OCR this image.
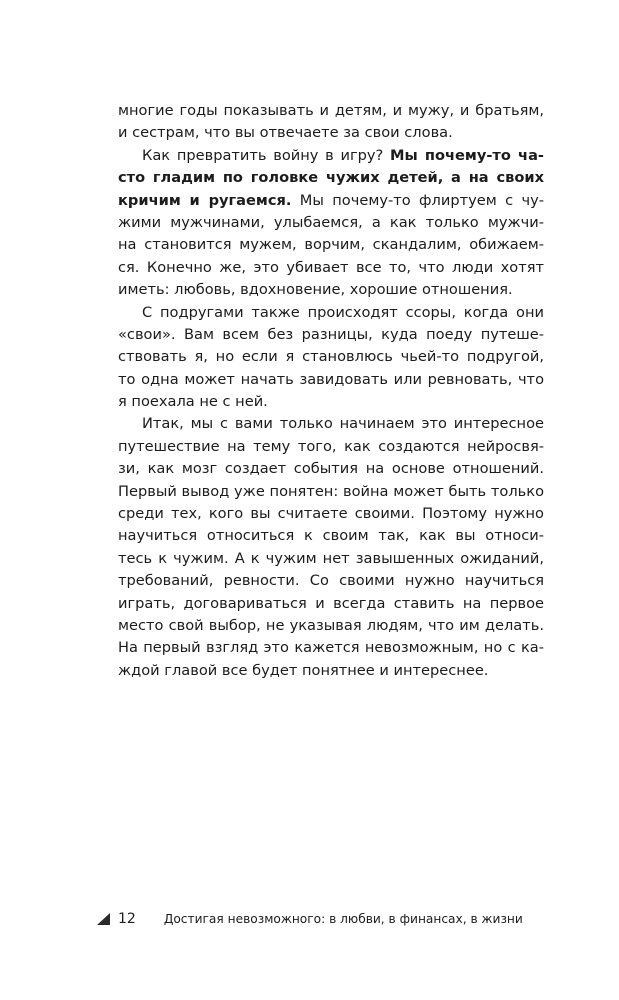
многие годы показывать и детям, и мужу, и братьям,
и сестрам, что вы отвечаете за свои слова.
Как превратить войну в игру? Мы почему-то ча-
сто гладим по головке чужих детей, а на своих
кричим и ругаемся. Мы почему-то флиртуем с чу-
жими мужчинами, улыбаемся, а как только мужчи-
на становится мужем, ворчим, скандалим, обижаем-
ся. Конечно же, это убивает все то, что люди хотят
иметь: любовь, вдохновение, хорошие отношения.
С подругами также происходят ссоры, когда они
«свои». Вам всем без разницы, куда поеду путеше-
ствовать я, но если я становлюсь чьей-то подругой,
то одна может начать завидовать или ревновать, что
я поехала не с ней.
Итак, мы с вами только начинаем это интересное
путешествие на тему того, как создаются нейросвя-
зи, как мозг создает события на основе отношений.
Первый вывод уже понятен: война может быть только
среди тех, кого вы считаете своими. Поэтому нужно
научиться относиться к своим так, как вы относи-
тесь к чужим. А к чужим нет завышенных ожиданий,
требований, ревности. Со своими нужно научиться
играть, договариваться и всегда ставить на первое
место свой выбор, не указывая людям, что им делать.
На первый взгляд это кажется невозможным, но с ка-
ждой главой все будет понятнее и интереснее.
12 Достигая невозможного: в любви, в финансах, в жизни
